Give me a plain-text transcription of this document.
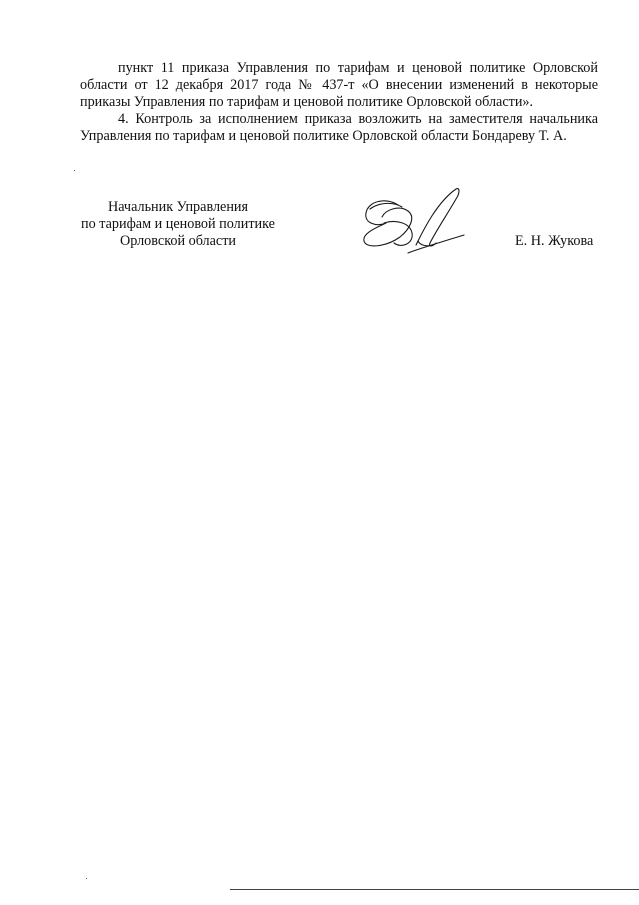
пункт 11 приказа Управления по тарифам и ценовой политике Орловской области от 12 декабря 2017 года № 437-т «О внесении изменений в некоторые приказы Управления по тарифам и ценовой политике Орловской области».

4. Контроль за исполнением приказа возложить на заместителя начальника Управления по тарифам и ценовой политике Орловской области Бондареву Т. А.

Начальник Управления
по тарифам и ценовой политике
Орловской области	Е. Н. Жукова
